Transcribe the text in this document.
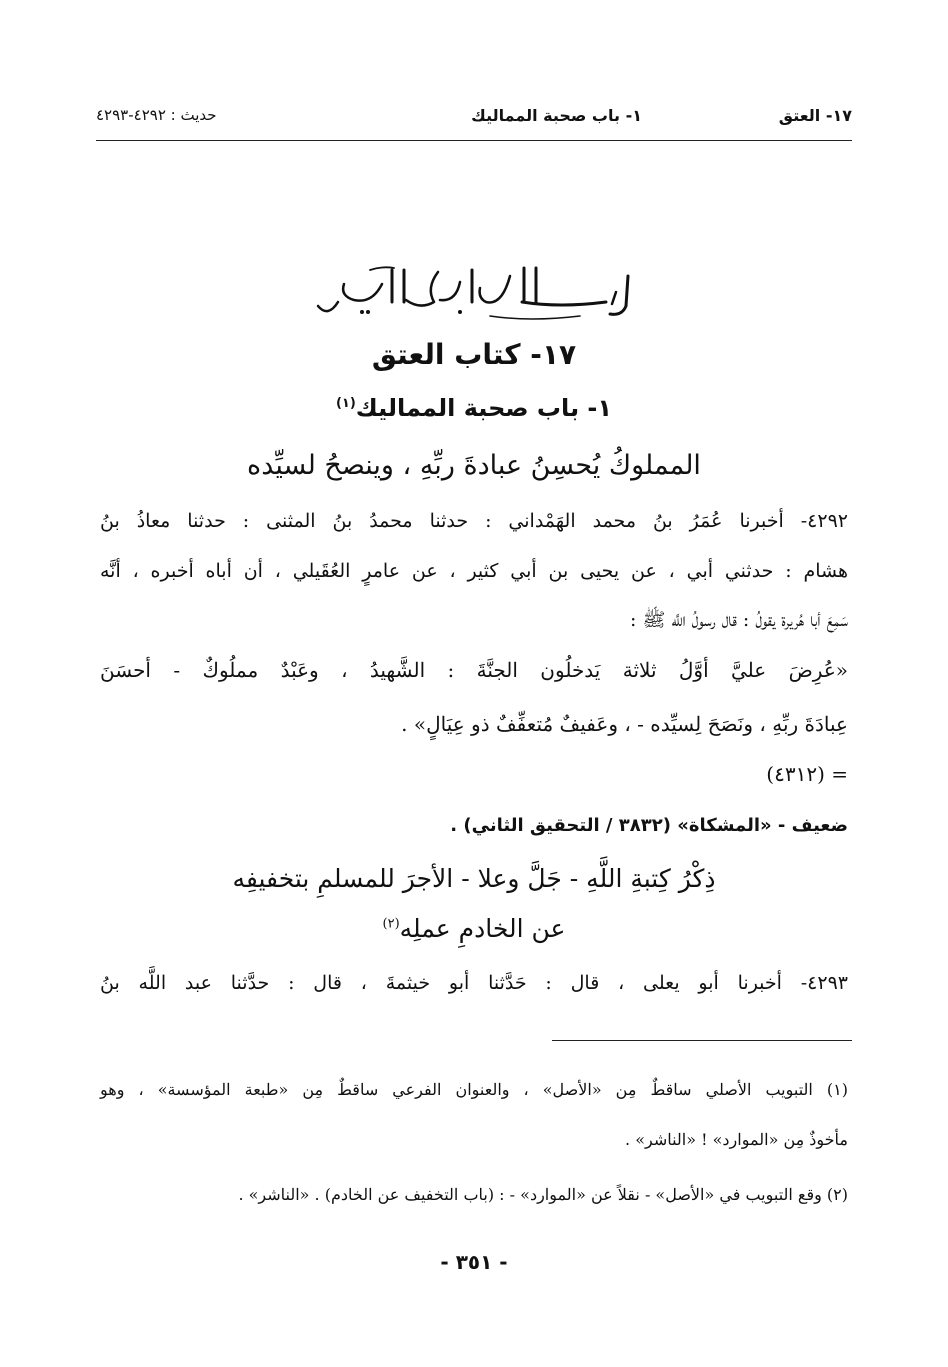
١٧- العتق
١- باب صحبة المماليك
حديث : ٤٢٩٢-٤٢٩٣
١٧- كتاب العتق
١- باب صحبة المماليك$^{(١)}$
المملوكُ يُحسِنُ عبادةَ ربِّهِ ، وينصحُ لسيِّده
٤٢٩٢- أخبرنا عُمَرُ بنُ محمد الهَمْداني : حدثنا محمدُ بنُ المثنى : حدثنا معاذُ بنُ
هشام : حدثني أبي ، عن يحيى بن أبي كثير ، عن عامرٍ العُقَيلي ، أن أباه أخبره ، أنَّه
سَمِعَ أبا هُريرة يقولُ : قال رسولُ اللَّه ﷺ :
«عُرِضَ عليَّ أوَّلُ ثلاثة يَدخلُون الجنَّةَ : الشَّهيدُ ، وعَبْدٌ مملُوكٌ - أحسَنَ
عِبادَةَ ربِّهِ ، ونَصَحَ لِسيِّده - ، وعَفيفٌ مُتعفِّفٌ ذو عِيَالٍ» .
= (٤٣١٢)
ضعيف - «المشكاة» (٣٨٣٢ / التحقيق الثاني) .
ذِكْرُ كِتبةِ اللَّهِ - جَلَّ وعلا - الأجرَ للمسلمِ بتخفيفِه
عن الخادمِ عملِه$^{(٢)}$
٤٢٩٣- أخبرنا أبو يعلى ، قال : حَدَّثنا أبو خيثمةَ ، قال : حدَّثنا عبد اللَّه بنُ
(١) التبويب الأصلي ساقطٌ مِن «الأصل» ، والعنوان الفرعي ساقطٌ مِن «طبعة المؤسسة» ، وهو
مأخوذٌ مِن «الموارد» ! «الناشر» .
(٢) وقع التبويب في «الأصل» - نقلاً عن «الموارد» - : (باب التخفيف عن الخادم) . «الناشر» .
- ٣٥١ -
